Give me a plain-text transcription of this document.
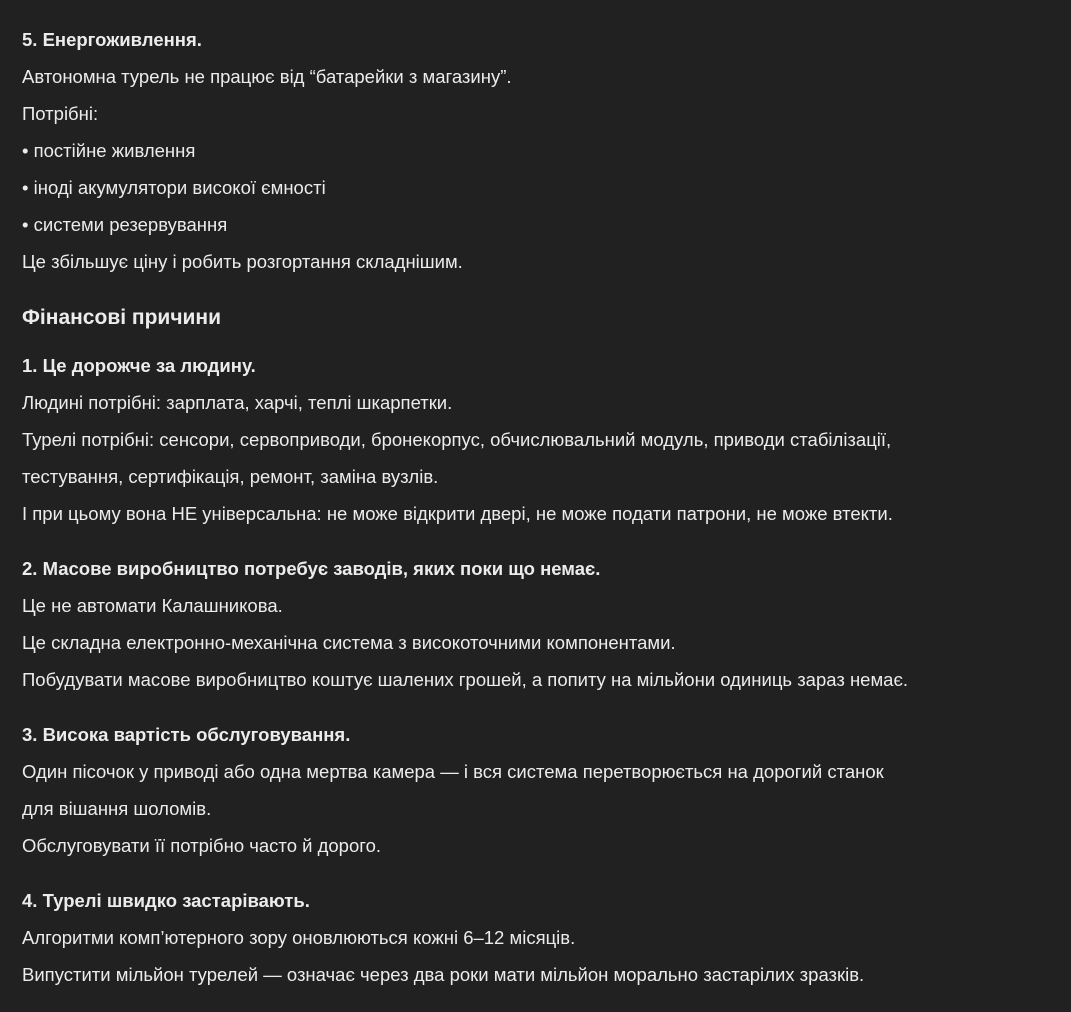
5. Енергоживлення.
Автономна турель не працює від “батарейки з магазину”.
Потрібні:
• постійне живлення
• іноді акумулятори високої ємності
• системи резервування
Це збільшує ціну і робить розгортання складнішим.
Фінансові причини
1. Це дорожче за людину.
Людині потрібні: зарплата, харчі, теплі шкарпетки.
Турелі потрібні: сенсори, сервоприводи, бронекорпус, обчислювальний модуль, приводи стабілізації,
тестування, сертифікація, ремонт, заміна вузлів.
І при цьому вона НЕ універсальна: не може відкрити двері, не може подати патрони, не може втекти.
2. Масове виробництво потребує заводів, яких поки що немає.
Це не автомати Калашникова.
Це складна електронно-механічна система з високоточними компонентами.
Побудувати масове виробництво коштує шалених грошей, а попиту на мільйони одиниць зараз немає.
3. Висока вартість обслуговування.
Один пісочок у приводі або одна мертва камера — і вся система перетворюється на дорогий станок
для вішання шоломів.
Обслуговувати її потрібно часто й дорого.
4. Турелі швидко застарівають.
Алгоритми комп’ютерного зору оновлюються кожні 6–12 місяців.
Випустити мільйон турелей — означає через два роки мати мільйон морально застарілих зразків.
